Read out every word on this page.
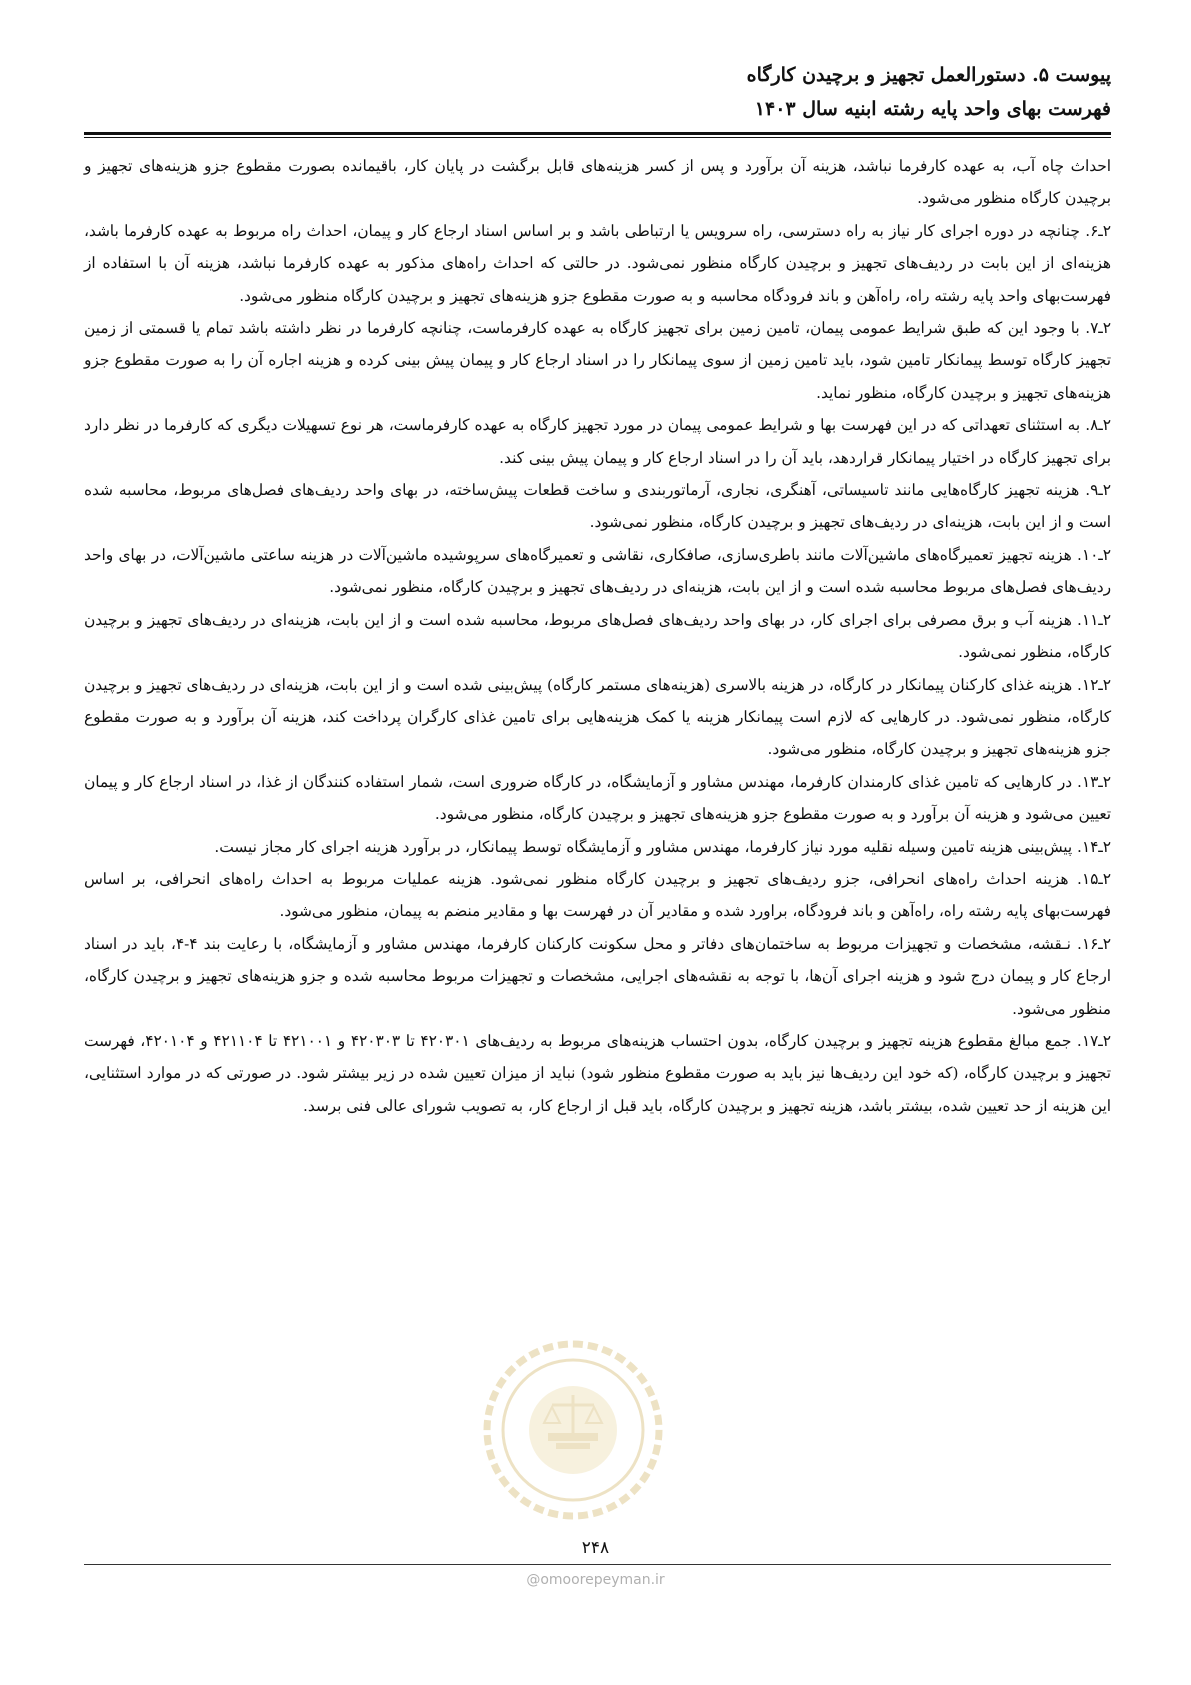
پیوست ۵. دستورالعمل تجهیز و برچیدن کارگاه
فهرست بهای واحد پایه رشته ابنیه سال ۱۴۰۳

احداث چاه آب، به عهده کارفرما نباشد، هزینه آن برآورد و پس از کسر هزینه‌های قابل برگشت در پایان کار، باقیمانده بصورت مقطوع جزو هزینه‌های تجهیز و برچیدن کارگاه منظور می‌شود.

۲ـ۶. چنانچه در دوره اجرای کار نیاز به راه دسترسی، راه سرویس یا ارتباطی باشد و بر اساس اسناد ارجاع کار و پیمان، احداث راه مربوط به عهده کارفرما باشد، هزینه‌ای از این بابت در ردیف‌های تجهیز و برچیدن کارگاه منظور نمی‌شود. در حالتی که احداث راه‌های مذکور به عهده کارفرما نباشد، هزینه آن با استفاده از فهرست‌بهای واحد پایه رشته راه، راه‌آهن و باند فرودگاه محاسبه و به صورت مقطوع جزو هزینه‌های تجهیز و برچیدن کارگاه منظور می‌شود.

۲ـ۷. با وجود این که طبق شرایط عمومی پیمان، تامین زمین برای تجهیز کارگاه به عهده کارفرماست، چنانچه کارفرما در نظر داشته باشد تمام یا قسمتی از زمین تجهیز کارگاه توسط پیمانکار تامین شود، باید تامین زمین از سوی پیمانکار را در اسناد ارجاع کار و پیمان پیش بینی کرده و هزینه اجاره آن را به صورت مقطوع جزو هزینه‌های تجهیز و برچیدن کارگاه، منظور نماید.

۲ـ۸. به استثنای تعهداتی که در این فهرست بها و شرایط عمومی پیمان در مورد تجهیز کارگاه به عهده کارفرماست، هر نوع تسهیلات دیگری که کارفرما در نظر دارد برای تجهیز کارگاه در اختیار پیمانکار قراردهد، باید آن را در اسناد ارجاع کار و پیمان پیش بینی کند.

۲ـ۹. هزینه تجهیز کارگاه‌هایی مانند تاسیساتی، آهنگری، نجاری، آرماتوربندی و ساخت قطعات پیش‌ساخته، در بهای واحد ردیف‌های فصل‌های مربوط، محاسبه شده است و از این بابت، هزینه‌ای در ردیف‌های تجهیز و برچیدن کارگاه، منظور نمی‌شود.

۲ـ۱۰. هزینه تجهیز تعمیرگاه‌های ماشین‌آلات مانند باطری‌سازی، صافکاری، نقاشی و تعمیرگاه‌های سرپوشیده ماشین‌آلات در هزینه ساعتی ماشین‌آلات، در بهای واحد ردیف‌های فصل‌های مربوط محاسبه شده است و از این بابت، هزینه‌ای در ردیف‌های تجهیز و برچیدن کارگاه، منظور نمی‌شود.

۲ـ۱۱. هزینه آب و برق مصرفی برای اجرای کار، در بهای واحد ردیف‌های فصل‌های مربوط، محاسبه شده است و از این بابت، هزینه‌ای در ردیف‌های تجهیز و برچیدن کارگاه، منظور نمی‌شود.

۲ـ۱۲. هزینه غذای کارکنان پیمانکار در کارگاه، در هزینه بالاسری (هزینه‌های مستمر کارگاه) پیش‌بینی شده است و از این بابت، هزینه‌ای در ردیف‌های تجهیز و برچیدن کارگاه، منظور نمی‌شود. در کارهایی که لازم است پیمانکار هزینه یا کمک هزینه‌هایی برای تامین غذای کارگران پرداخت کند، هزینه آن برآورد و به صورت مقطوع جزو هزینه‌های تجهیز و برچیدن کارگاه، منظور می‌شود.

۲ـ۱۳. در کارهایی که تامین غذای کارمندان کارفرما، مهندس مشاور و آزمایشگاه، در کارگاه ضروری است، شمار استفاده کنندگان از غذا، در اسناد ارجاع کار و پیمان تعیین می‌شود و هزینه آن برآورد و به صورت مقطوع جزو هزینه‌های تجهیز و برچیدن کارگاه، منظور می‌شود.

۲ـ۱۴. پیش‌بینی هزینه تامین وسیله نقلیه مورد نیاز کارفرما، مهندس مشاور و آزمایشگاه توسط پیمانکار، در برآورد هزینه اجرای کار مجاز نیست.

۲ـ۱۵. هزینه احداث راه‌های انحرافی، جزو ردیف‌های تجهیز و برچیدن کارگاه منظور نمی‌شود. هزینه عملیات مربوط به احداث راه‌های انحرافی، بر اساس فهرست‌بهای پایه رشته راه، راه‌آهن و باند فرودگاه، براورد شده و مقادیر آن در فهرست بها و مقادیر منضم به پیمان، منظور می‌شود.

۲ـ۱۶. نـقشه، مشخصات و تجهیزات مربوط به ساختمان‌های دفاتر و محل سکونت کارکنان کارفرما، مهندس مشاور و آزمایشگاه، با رعایت بند ۴-۴، باید در اسناد ارجاع کار و پیمان درج شود و هزینه اجرای آن‌ها، با توجه به نقشه‌های اجرایی، مشخصات و تجهیزات مربوط محاسبه شده و جزو هزینه‌های تجهیز و برچیدن کارگاه، منظور می‌شود.

۲ـ۱۷. جمع مبالغ مقطوع هزینه تجهیز و برچیدن کارگاه، بدون احتساب هزینه‌های مربوط به ردیف‌های ۴۲۰۳۰۱ تا ۴۲۰۳۰۳ و ۴۲۱۰۰۱ تا ۴۲۱۱۰۴ و ۴۲۰۱۰۴، فهرست تجهیز و برچیدن کارگاه، (که خود این ردیف‌ها نیز باید به صورت مقطوع منظور شود) نباید از میزان تعیین شده در زیر بیشتر شود. در صورتی که در موارد استثنایی، این هزینه از حد تعیین شده، بیشتر باشد، هزینه تجهیز و برچیدن کارگاه، باید قبل از ارجاع کار، به تصویب شورای عالی فنی برسد.

۲۴۸
@omoorepeyman.ir
